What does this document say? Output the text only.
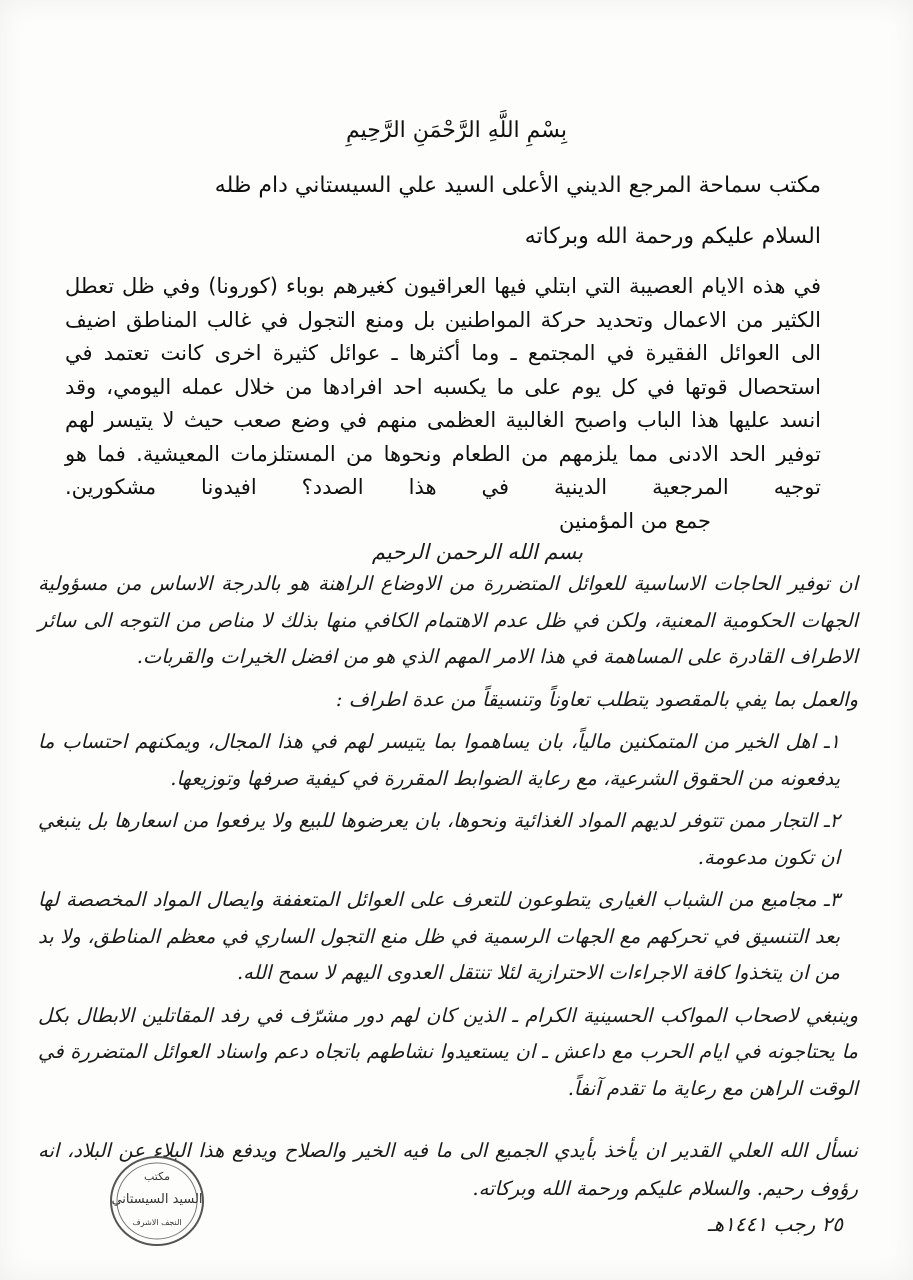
بِسْمِ اللَّهِ الرَّحْمَنِ الرَّحِيمِ
مكتب سماحة المرجع الديني الأعلى السيد علي السيستاني دام ظله
السلام عليكم ورحمة الله وبركاته
في هذه الايام العصيبة التي ابتلي فيها العراقيون كغيرهم بوباء (كورونا) وفي ظل تعطل الكثير من الاعمال وتحديد حركة المواطنين بل ومنع التجول في غالب المناطق اضيف الى العوائل الفقيرة في المجتمع ـ وما أكثرها ـ عوائل كثيرة اخرى كانت تعتمد في استحصال قوتها في كل يوم على ما يكسبه احد افرادها من خلال عمله اليومي، وقد انسد عليها هذا الباب واصبح الغالبية العظمى منهم في وضع صعب حيث لا يتيسر لهم توفير الحد الادنى مما يلزمهم من الطعام ونحوها من المستلزمات المعيشية. فما هو توجيه المرجعية الدينية في هذا الصدد؟ افيدونا مشكورين. جمع من المؤمنين
بسم الله الرحمن الرحيم
ان توفير الحاجات الاساسية للعوائل المتضررة من الاوضاع الراهنة هو بالدرجة الاساس من مسؤولية الجهات الحكومية المعنية، ولكن في ظل عدم الاهتمام الكافي منها بذلك لا مناص من التوجه الى سائر الاطراف القادرة على المساهمة في هذا الامر المهم الذي هو من افضل الخيرات والقربات.
والعمل بما يفي بالمقصود يتطلب تعاوناً وتنسيقاً من عدة اطراف :
١ـ اهل الخير من المتمكنين مالياً، بان يساهموا بما يتيسر لهم في هذا المجال، ويمكنهم احتساب ما يدفعونه من الحقوق الشرعية، مع رعاية الضوابط المقررة في كيفية صرفها وتوزيعها.
٢ـ التجار ممن تتوفر لديهم المواد الغذائية ونحوها، بان يعرضوها للبيع ولا يرفعوا من اسعارها بل ينبغي ان تكون مدعومة.
٣ـ مجاميع من الشباب الغيارى يتطوعون للتعرف على العوائل المتعففة وايصال المواد المخصصة لها بعد التنسيق في تحركهم مع الجهات الرسمية في ظل منع التجول الساري في معظم المناطق، ولا بد من ان يتخذوا كافة الاجراءات الاحترازية لئلا تنتقل العدوى اليهم لا سمح الله.
وينبغي لاصحاب المواكب الحسينية الكرام ـ الذين كان لهم دور مشرّف في رفد المقاتلين الابطال بكل ما يحتاجونه في ايام الحرب مع داعش ـ ان يستعيدوا نشاطهم باتجاه دعم واسناد العوائل المتضررة في الوقت الراهن مع رعاية ما تقدم آنفاً.
نسأل الله العلي القدير ان يأخذ بأيدي الجميع الى ما فيه الخير والصلاح ويدفع هذا البلاء عن البلاد، انه رؤوف رحيم. والسلام عليكم ورحمة الله وبركاته.
٢٥ رجب ١٤٤١هـ
مكتب
السيد السيستاني
النجف الاشرف
